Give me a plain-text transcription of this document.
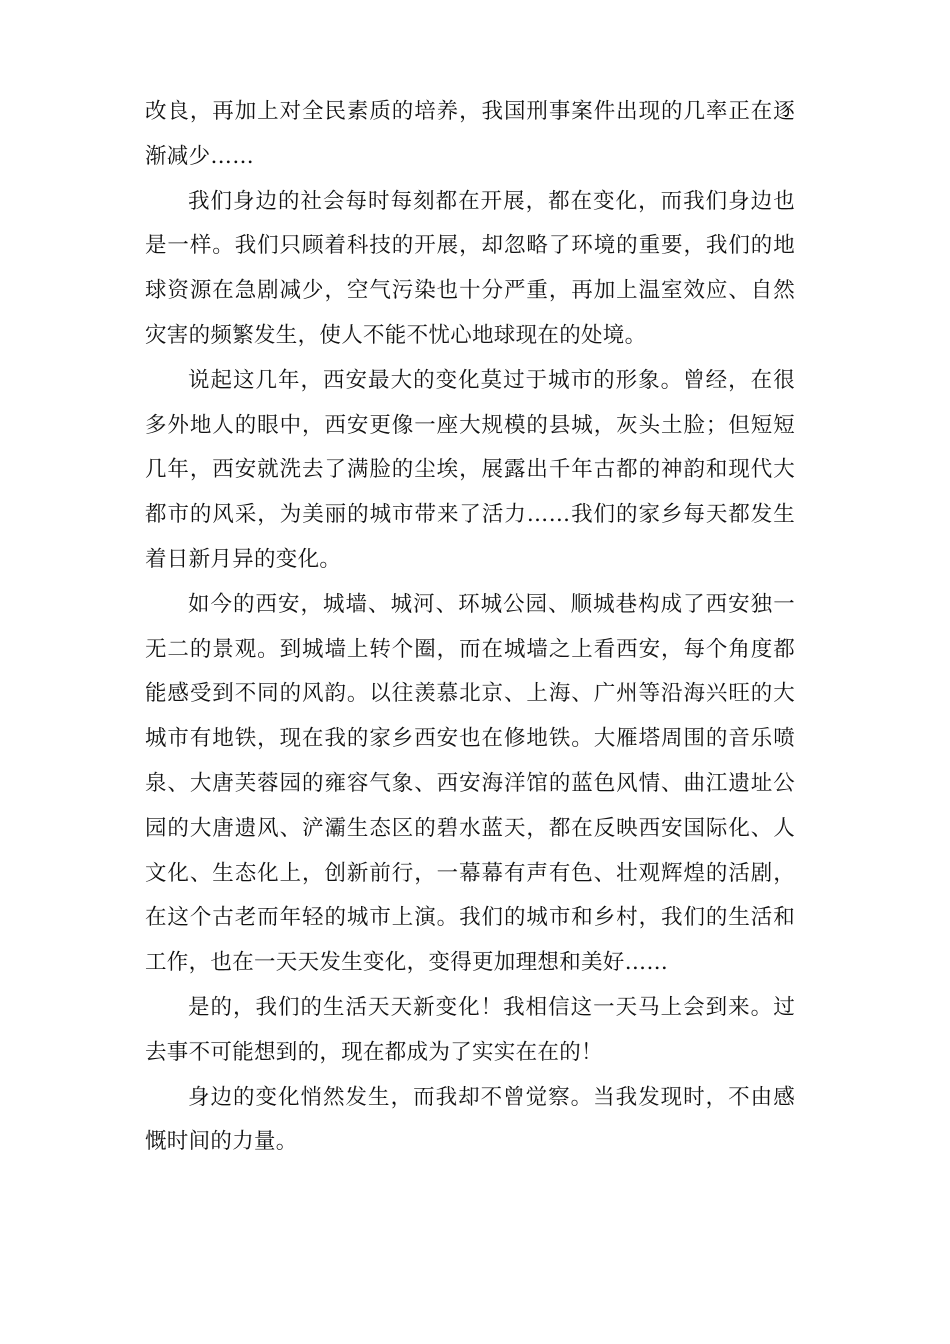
改良，再加上对全民素质的培养，我国刑事案件出现的几率正在逐渐减少……

我们身边的社会每时每刻都在开展，都在变化，而我们身边也是一样。我们只顾着科技的开展，却忽略了环境的重要，我们的地球资源在急剧减少，空气污染也十分严重，再加上温室效应、自然灾害的频繁发生，使人不能不忧心地球现在的处境。

说起这几年，西安最大的变化莫过于城市的形象。曾经，在很多外地人的眼中，西安更像一座大规模的县城，灰头土脸；但短短几年，西安就洗去了满脸的尘埃，展露出千年古都的神韵和现代大都市的风采，为美丽的城市带来了活力……我们的家乡每天都发生着日新月异的变化。

如今的西安，城墙、城河、环城公园、顺城巷构成了西安独一无二的景观。到城墙上转个圈，而在城墙之上看西安，每个角度都能感受到不同的风韵。以往羡慕北京、上海、广州等沿海兴旺的大城市有地铁，现在我的家乡西安也在修地铁。大雁塔周围的音乐喷泉、大唐芙蓉园的雍容气象、西安海洋馆的蓝色风情、曲江遗址公园的大唐遗风、浐灞生态区的碧水蓝天，都在反映西安国际化、人文化、生态化上，创新前行，一幕幕有声有色、壮观辉煌的活剧，在这个古老而年轻的城市上演。我们的城市和乡村，我们的生活和工作，也在一天天发生变化，变得更加理想和美好……

是的，我们的生活天天新变化！我相信这一天马上会到来。过去事不可能想到的，现在都成为了实实在在的！

身边的变化悄然发生，而我却不曾觉察。当我发现时，不由感慨时间的力量。
